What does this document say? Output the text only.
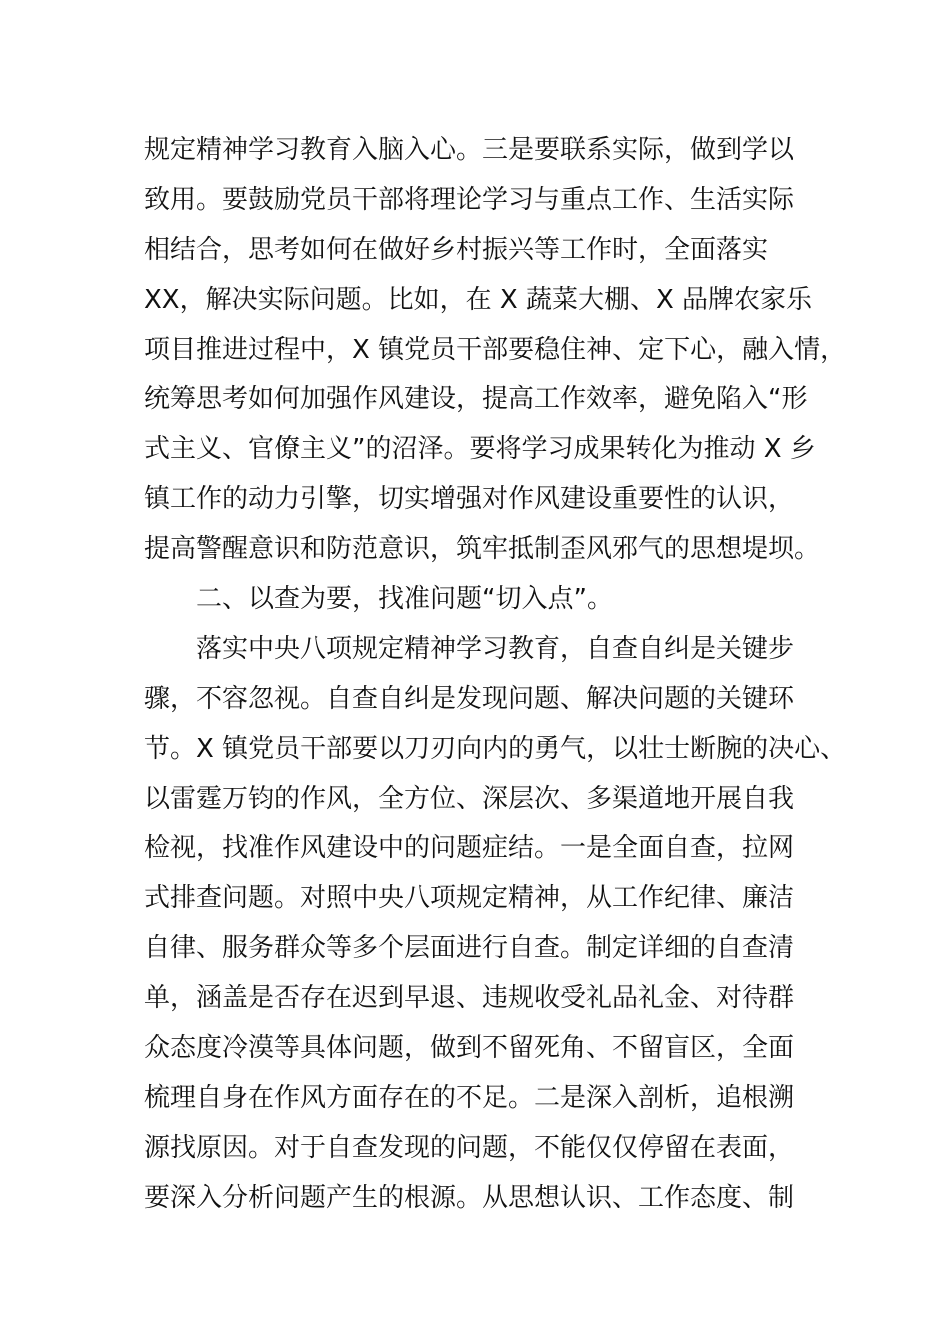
规定精神学习教育入脑入心。三是要联系实际，做到学以
致用。要鼓励党员干部将理论学习与重点工作、生活实际
相结合，思考如何在做好乡村振兴等工作时，全面落实
XX，解决实际问题。比如，在 X 蔬菜大棚、X 品牌农家乐
项目推进过程中，X 镇党员干部要稳住神、定下心，融入情，
统筹思考如何加强作风建设，提高工作效率，避免陷入“形
式主义、官僚主义”的沼泽。要将学习成果转化为推动 X 乡
镇工作的动力引擎，切实增强对作风建设重要性的认识，
提高警醒意识和防范意识，筑牢抵制歪风邪气的思想堤坝。
二、以查为要，找准问题“切入点”。
落实中央八项规定精神学习教育，自查自纠是关键步
骤，不容忽视。自查自纠是发现问题、解决问题的关键环
节。X 镇党员干部要以刀刃向内的勇气，以壮士断腕的决心、
以雷霆万钧的作风，全方位、深层次、多渠道地开展自我
检视，找准作风建设中的问题症结。一是全面自查，拉网
式排查问题。对照中央八项规定精神，从工作纪律、廉洁
自律、服务群众等多个层面进行自查。制定详细的自查清
单，涵盖是否存在迟到早退、违规收受礼品礼金、对待群
众态度冷漠等具体问题，做到不留死角、不留盲区，全面
梳理自身在作风方面存在的不足。二是深入剖析，追根溯
源找原因。对于自查发现的问题，不能仅仅停留在表面，
要深入分析问题产生的根源。从思想认识、工作态度、制
